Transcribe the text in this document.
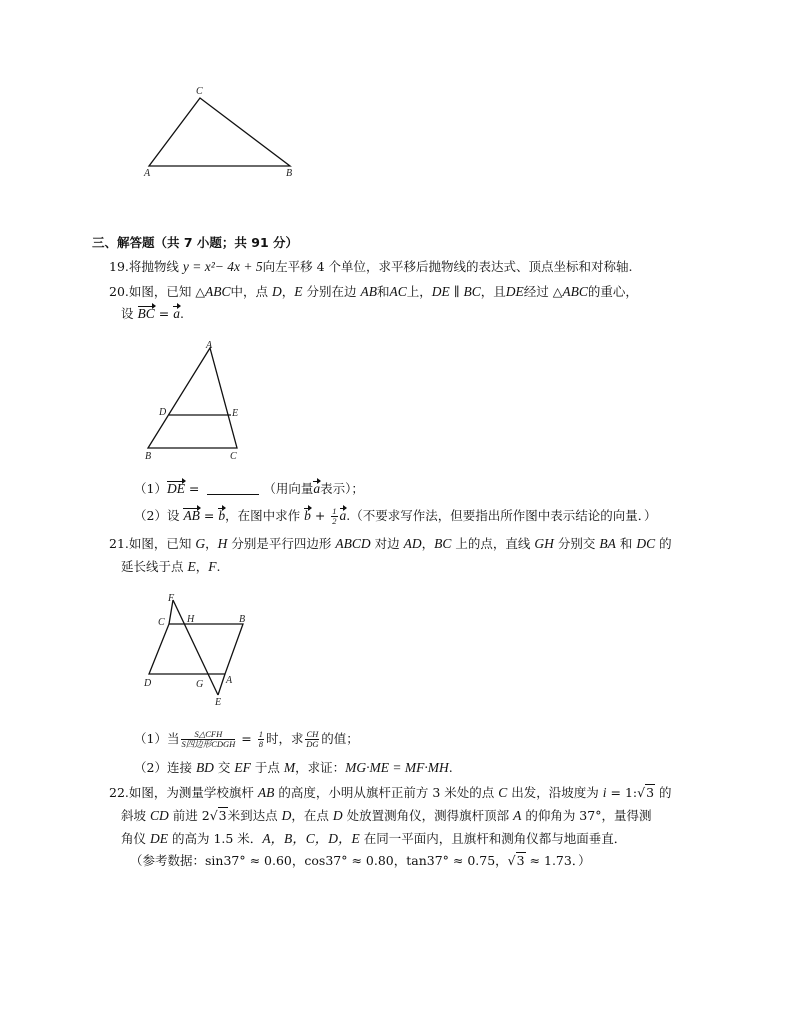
C
A	B
三、解答题（共 7 小题；共 91 分）
19.将抛物线 y = x²− 4x + 5向左平移 4 个单位，求平移后抛物线的表达式、顶点坐标和对称轴.
20.如图，已知 △ABC中，点 D，E 分别在边 AB和AC上，DE ∥ BC，且DE经过 △ABC的重心，
设 BC = a.
A
D	E
B	C
（1）DE =	（用向量a表示）；
（2）设 AB = b，在图中求作 $b + \frac{1}{2} a$.（不要求写作法，但要指出所作图中表示结论的向量．）
21.如图，已知 G，H 分别是平行四边形 ABCD 对边 AD，BC 上的点，直线 GH 分别交 BA 和 DC 的
延长线于点 E，F.
F
C H	B
D	G A
E
（1）当 $\frac{\text{S△CFH}}{\text{S四边形CDGH}} = \frac{1}{8}$ 时，求 $\frac{CH}{DG}$ 的值；
（2）连接 BD 交 EF 于点 M，求证：MG·ME = MF·MH.
22.如图，为测量学校旗杆 AB 的高度，小明从旗杆正前方 3 米处的点 C 出发，沿坡度为 i = 1:√3 的
斜坡 CD 前进 2√3米到达点 D，在点 D 处放置测角仪，测得旗杆顶部 A 的仰角为 37°，量得测
角仪 DE 的高为 1.5 米．A，B，C，D，E 在同一平面内，且旗杆和测角仪都与地面垂直．
（参考数据：sin37° ≈ 0.60，cos37° ≈ 0.80，tan37° ≈ 0.75，√3 ≈ 1.73．）
